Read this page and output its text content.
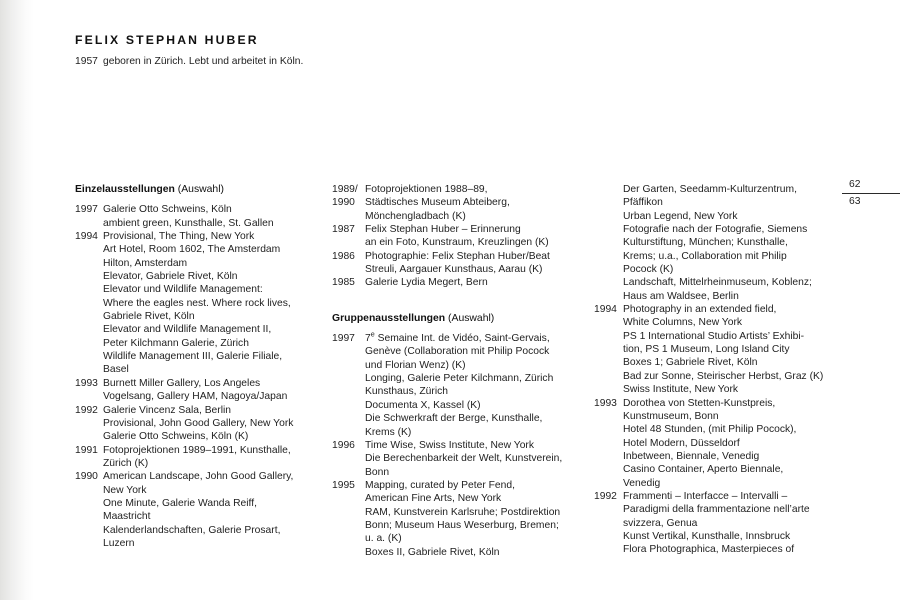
FELIX STEPHAN HUBER
1957 geboren in Zürich. Lebt und arbeitet in Köln.
62
63
Einzelausstellungen (Auswahl)
1997 Galerie Otto Schweins, Köln
ambient green, Kunsthalle, St. Gallen
1994 Provisional, The Thing, New York
Art Hotel, Room 1602, The Amsterdam
Hilton, Amsterdam
Elevator, Gabriele Rivet, Köln
Elevator und Wildlife Management:
Where the eagles nest. Where rock lives,
Gabriele Rivet, Köln
Elevator and Wildlife Management II,
Peter Kilchmann Galerie, Zürich
Wildlife Management III, Galerie Filiale,
Basel
1993 Burnett Miller Gallery, Los Angeles
Vogelsang, Gallery HAM, Nagoya/Japan
1992 Galerie Vincenz Sala, Berlin
Provisional, John Good Gallery, New York
Galerie Otto Schweins, Köln (K)
1991 Fotoprojektionen 1989–1991, Kunsthalle,
Zürich (K)
1990 American Landscape, John Good Gallery,
New York
One Minute, Galerie Wanda Reiff,
Maastricht
Kalenderlandschaften, Galerie Prosart,
Luzern
1989/ Fotoprojektionen 1988–89,
1990 Städtisches Museum Abteiberg,
Mönchengladbach (K)
1987 Felix Stephan Huber – Erinnerung
an ein Foto, Kunstraum, Kreuzlingen (K)
1986 Photographie: Felix Stephan Huber/Beat
Streuli, Aargauer Kunsthaus, Aarau (K)
1985 Galerie Lydia Megert, Bern
Gruppenausstellungen (Auswahl)
1997 7e Semaine Int. de Vidéo, Saint-Gervais,
Genève (Collaboration mit Philip Pocock
und Florian Wenz) (K)
Longing, Galerie Peter Kilchmann, Zürich
Kunsthaus, Zürich
Documenta X, Kassel (K)
Die Schwerkraft der Berge, Kunsthalle,
Krems (K)
1996 Time Wise, Swiss Institute, New York
Die Berechenbarkeit der Welt, Kunstverein,
Bonn
1995 Mapping, curated by Peter Fend,
American Fine Arts, New York
RAM, Kunstverein Karlsruhe; Postdirektion
Bonn; Museum Haus Weserburg, Bremen;
u. a. (K)
Boxes II, Gabriele Rivet, Köln

Der Garten, Seedamm-Kulturzentrum,
Pfäffikon
Urban Legend, New York
Fotografie nach der Fotografie, Siemens
Kulturstiftung, München; Kunsthalle,
Krems; u.a., Collaboration mit Philip
Pocock (K)
Landschaft, Mittelrheinmuseum, Koblenz;
Haus am Waldsee, Berlin
1994 Photography in an extended field,
White Columns, New York
PS 1 International Studio Artists’ Exhibi-
tion, PS 1 Museum, Long Island City
Boxes 1; Gabriele Rivet, Köln
Bad zur Sonne, Steirischer Herbst, Graz (K)
Swiss Institute, New York
1993 Dorothea von Stetten-Kunstpreis,
Kunstmuseum, Bonn
Hotel 48 Stunden, (mit Philip Pocock),
Hotel Modern, Düsseldorf
Inbetween, Biennale, Venedig
Casino Container, Aperto Biennale,
Venedig
1992 Frammenti – Interfacce – Intervalli –
Paradigmi della frammentazione nell’arte
svizzera, Genua
Kunst Vertikal, Kunsthalle, Innsbruck
Flora Photographica, Masterpieces of
